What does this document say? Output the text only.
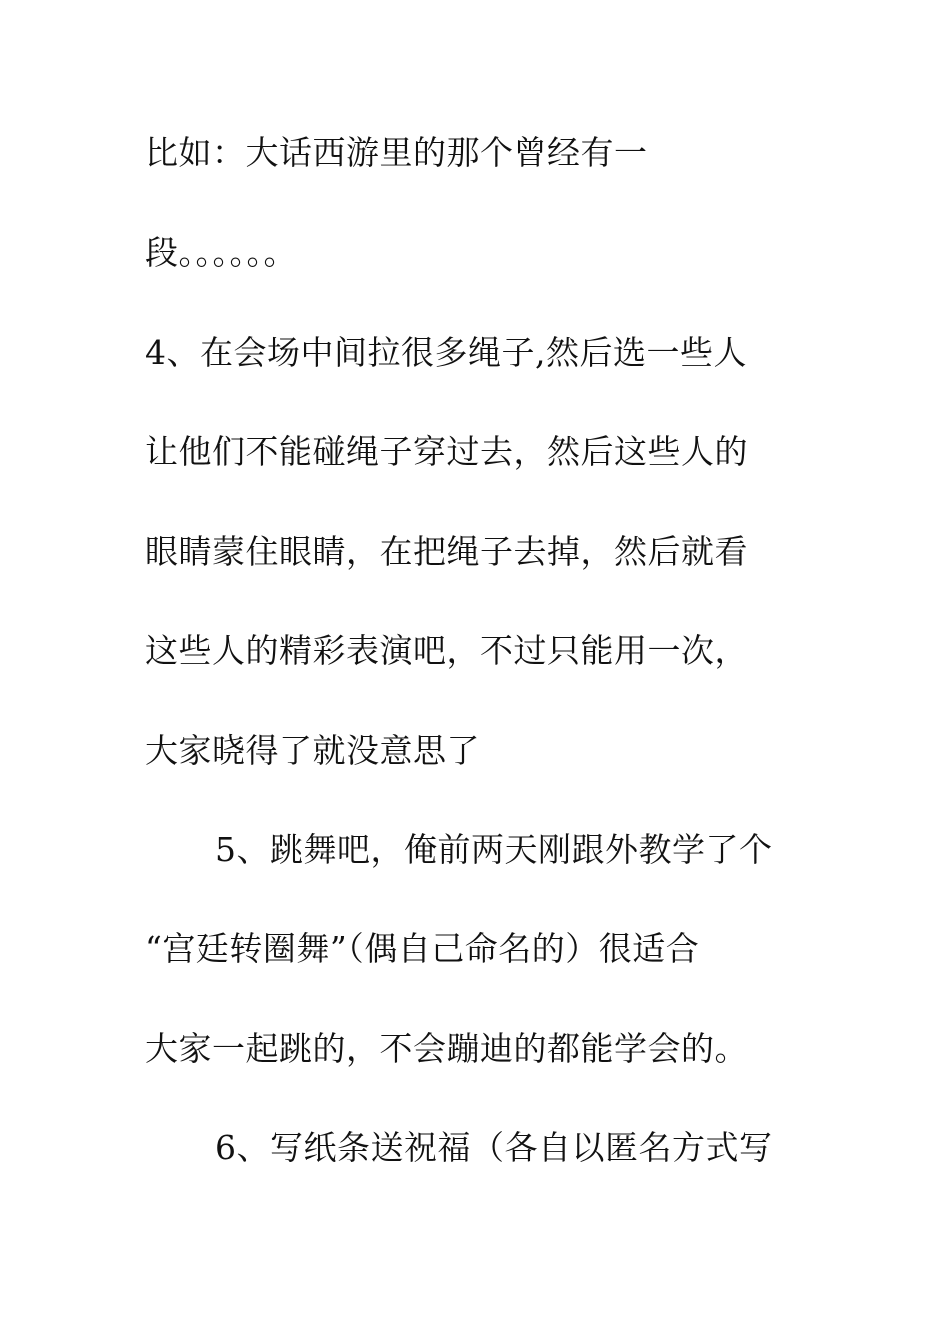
比如：大话西游里的那个曾经有一
段。。。。。。
4、在会场中间拉很多绳子,然后选一些人
让他们不能碰绳子穿过去，然后这些人的
眼睛蒙住眼睛，在把绳子去掉，然后就看
这些人的精彩表演吧，不过只能用一次，
大家晓得了就没意思了
5、跳舞吧，俺前两天刚跟外教学了个
“宫廷转圈舞”（偶自己命名的）很适合
大家一起跳的，不会蹦迪的都能学会的。
6、写纸条送祝福（各自以匿名方式写
